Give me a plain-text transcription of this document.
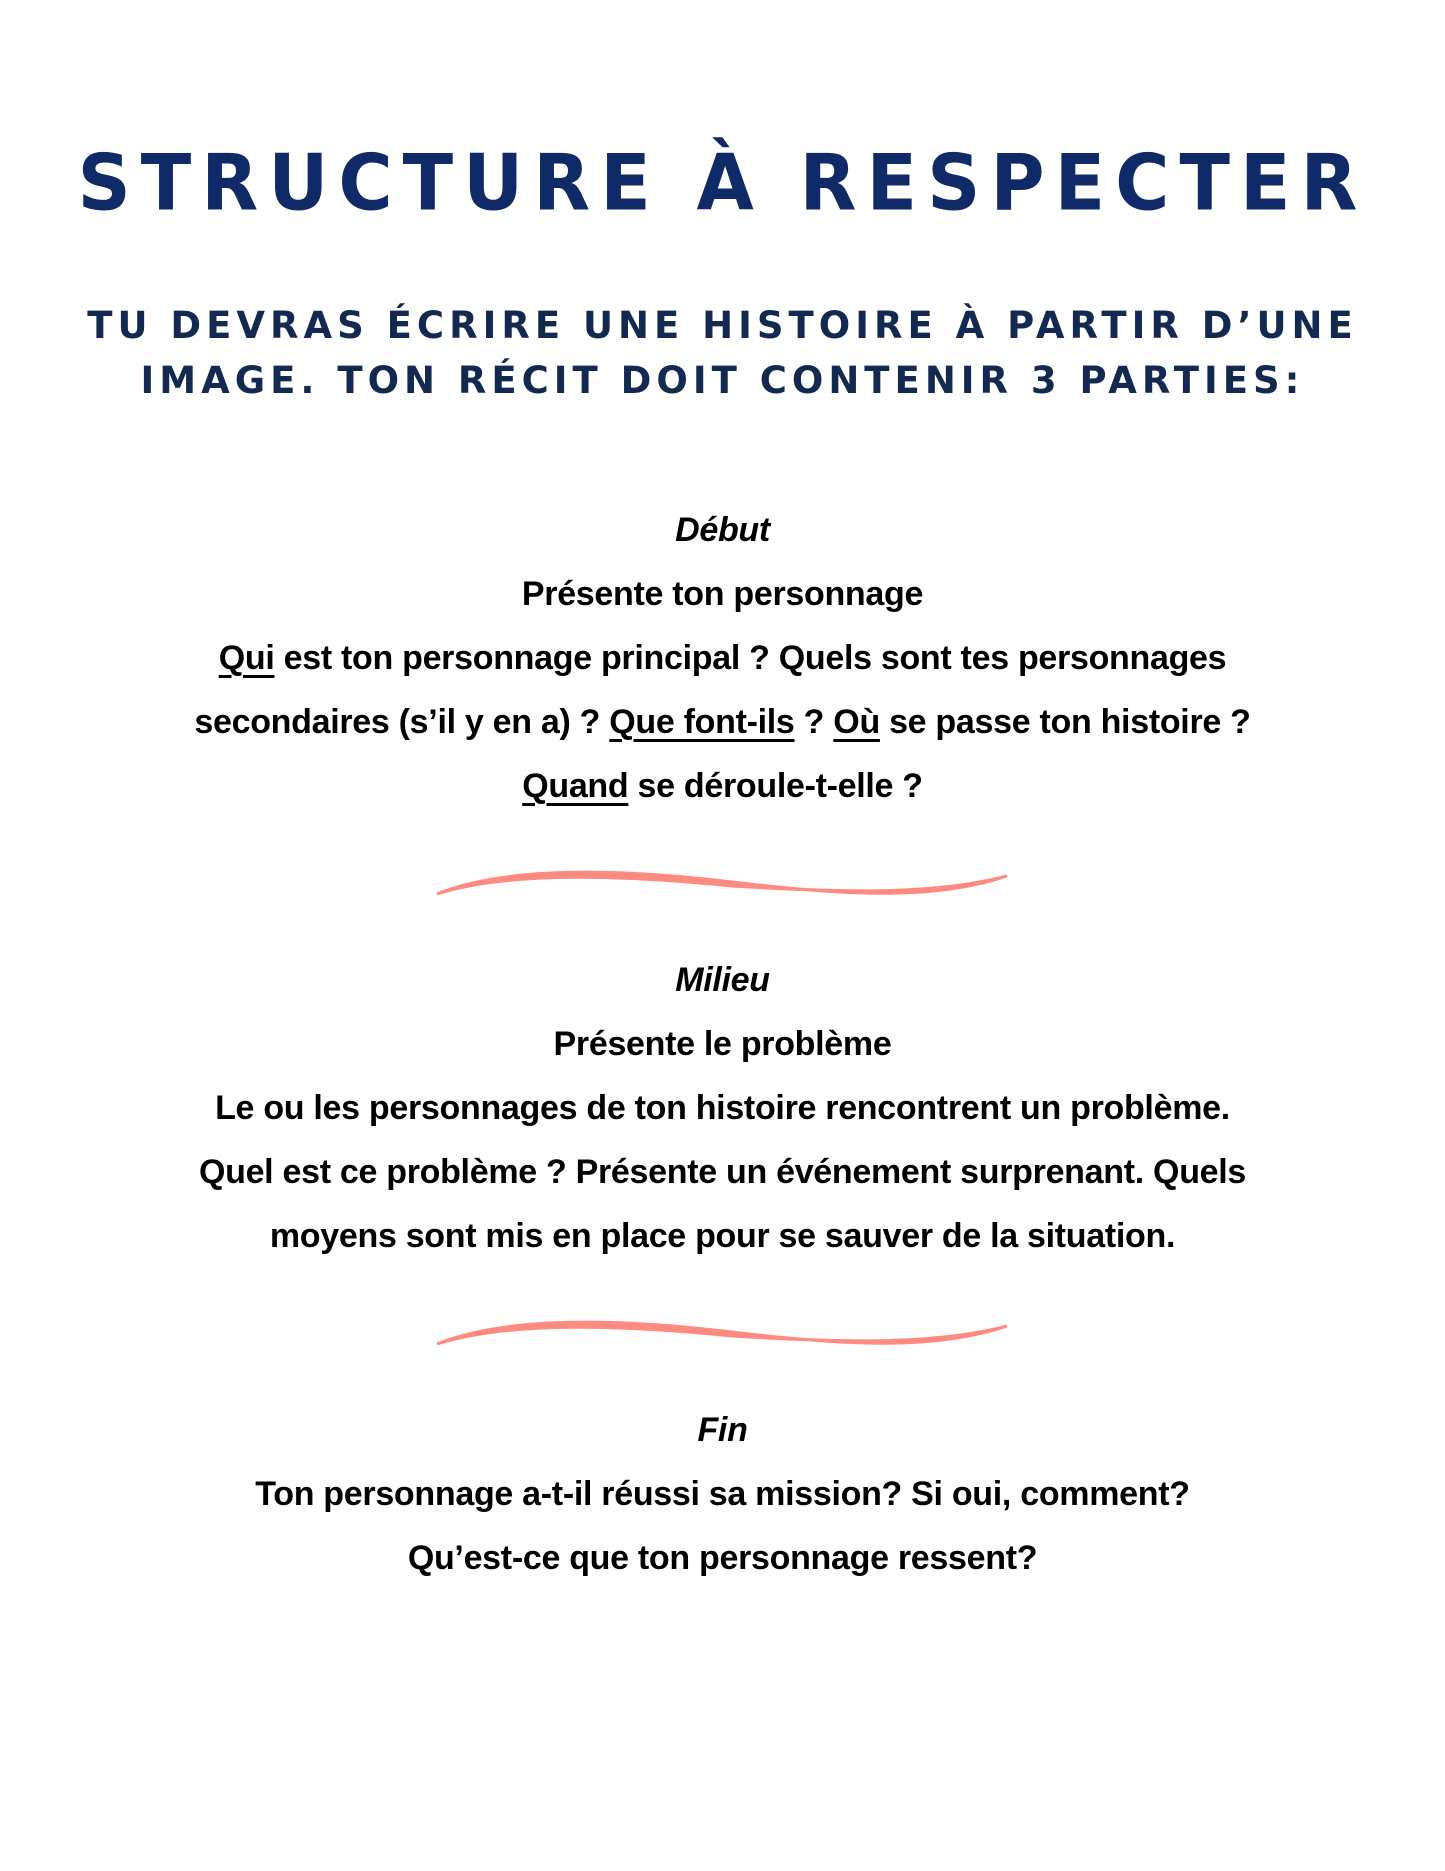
STRUCTURE À RESPECTER
TU DEVRAS ÉCRIRE UNE HISTOIRE À PARTIR D’UNE
IMAGE. TON RÉCIT DOIT CONTENIR 3 PARTIES:
Début
Présente ton personnage
Qui est ton personnage principal ? Quels sont tes personnages
secondaires (s’il y en a) ? Que font-ils ? Où se passe ton histoire ?
Quand se déroule-t-elle ?
Milieu
Présente le problème
Le ou les personnages de ton histoire rencontrent un problème.
Quel est ce problème ? Présente un événement surprenant. Quels
moyens sont mis en place pour se sauver de la situation.
Fin
Ton personnage a-t-il réussi sa mission? Si oui, comment?
Qu’est-ce que ton personnage ressent?
